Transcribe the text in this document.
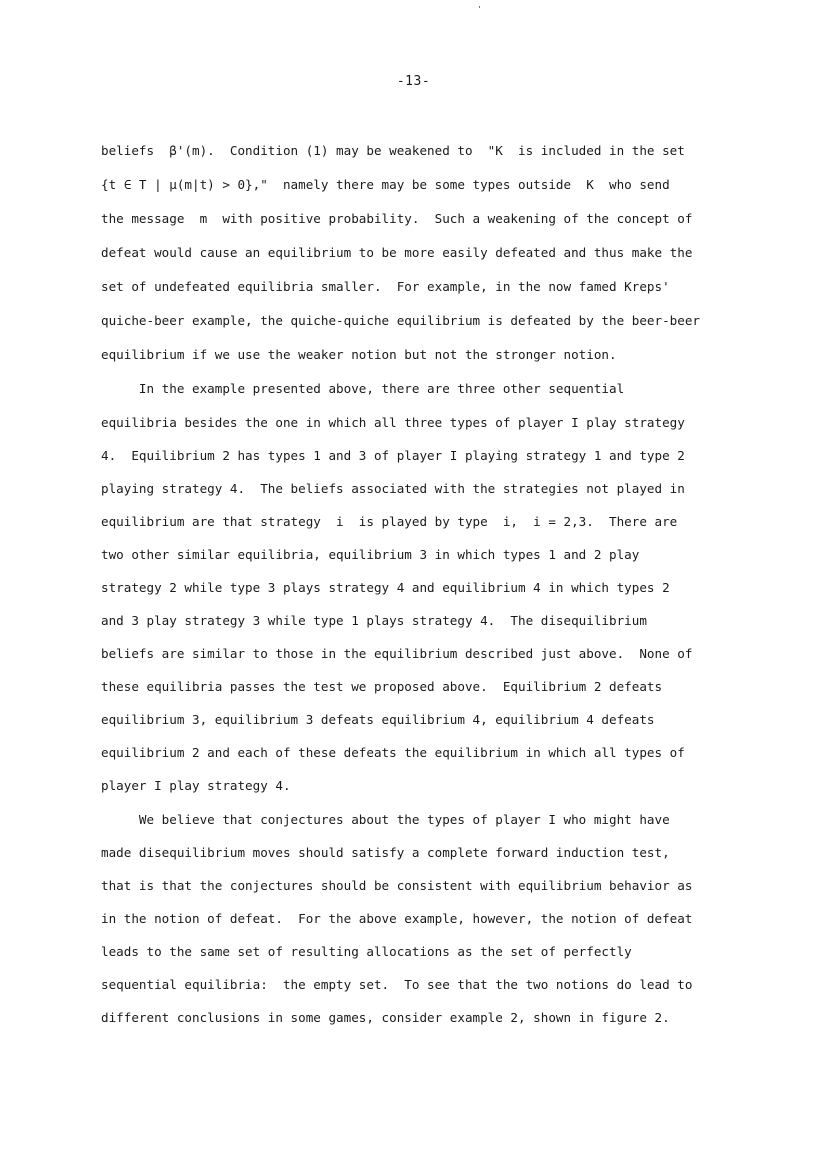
-13-
beliefs  β'(m).  Condition (1) may be weakened to  "K  is included in the set
{t ∈ T | μ(m|t) > 0},"  namely there may be some types outside  K  who send
the message  m  with positive probability.  Such a weakening of the concept of
defeat would cause an equilibrium to be more easily defeated and thus make the
set of undefeated equilibria smaller.  For example, in the now famed Kreps'
quiche-beer example, the quiche-quiche equilibrium is defeated by the beer-beer
equilibrium if we use the weaker notion but not the stronger notion.
In the example presented above, there are three other sequential
equilibria besides the one in which all three types of player I play strategy
4.  Equilibrium 2 has types 1 and 3 of player I playing strategy 1 and type 2
playing strategy 4.  The beliefs associated with the strategies not played in
equilibrium are that strategy  i  is played by type  i,  i = 2,3.  There are
two other similar equilibria, equilibrium 3 in which types 1 and 2 play
strategy 2 while type 3 plays strategy 4 and equilibrium 4 in which types 2
and 3 play strategy 3 while type 1 plays strategy 4.  The disequilibrium
beliefs are similar to those in the equilibrium described just above.  None of
these equilibria passes the test we proposed above.  Equilibrium 2 defeats
equilibrium 3, equilibrium 3 defeats equilibrium 4, equilibrium 4 defeats
equilibrium 2 and each of these defeats the equilibrium in which all types of
player I play strategy 4.
We believe that conjectures about the types of player I who might have
made disequilibrium moves should satisfy a complete forward induction test,
that is that the conjectures should be consistent with equilibrium behavior as
in the notion of defeat.  For the above example, however, the notion of defeat
leads to the same set of resulting allocations as the set of perfectly
sequential equilibria:  the empty set.  To see that the two notions do lead to
different conclusions in some games, consider example 2, shown in figure 2.
